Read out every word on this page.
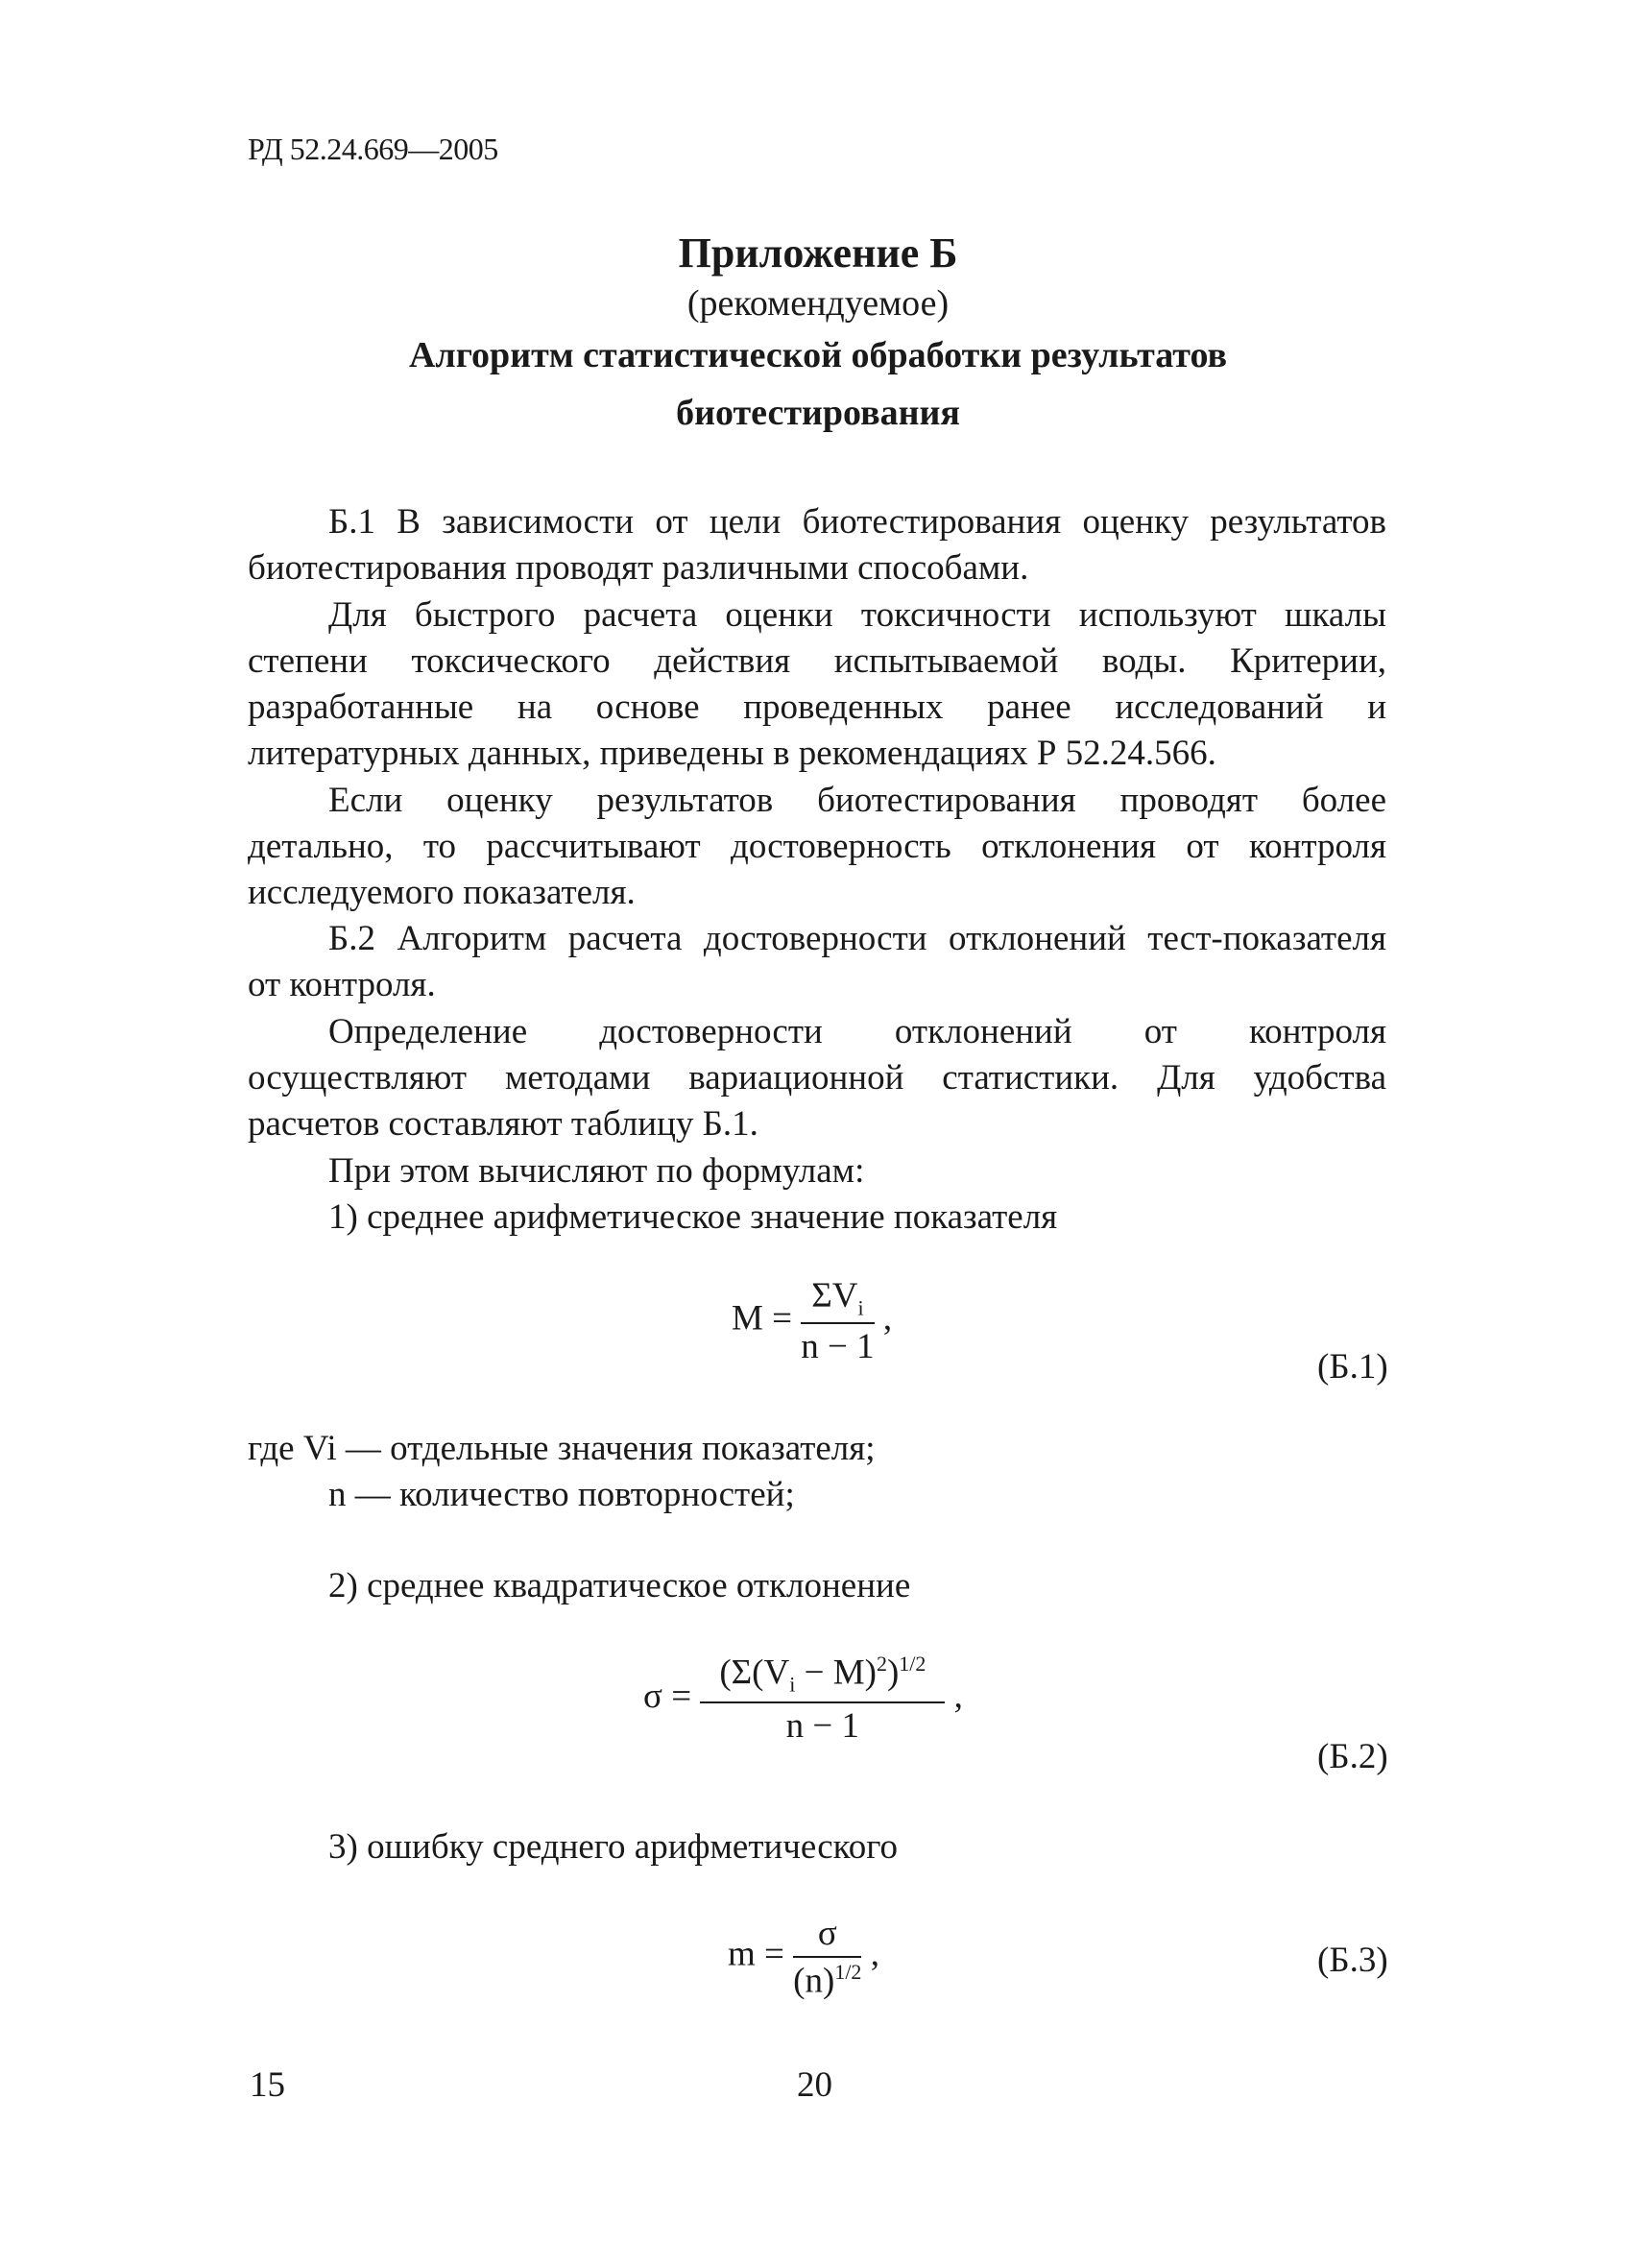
РД 52.24.669—2005
Приложение Б
(рекомендуемое)
Алгоритм статистической обработки результатов
биотестирования
Б.1 В зависимости от цели биотестирования оценку результатов
биотестирования проводят различными способами.
Для быстрого расчета оценки токсичности используют шкалы
степени токсического действия испытываемой воды. Критерии,
разработанные на основе проведенных ранее исследований и
литературных данных, приведены в рекомендациях Р 52.24.566.
Если оценку результатов биотестирования проводят более
детально, то рассчитывают достоверность отклонения от контроля
исследуемого показателя.
Б.2 Алгоритм расчета достоверности отклонений тест-показателя
от контроля.
Определение достоверности отклонений от контроля
осуществляют методами вариационной статистики. Для удобства
расчетов составляют таблицу Б.1.
При этом вычисляют по формулам:
1) среднее арифметическое значение показателя
$M = \frac{\Sigma V_i}{n - 1}$ ,
(Б.1)
где Vi — отдельные значения показателя;
n — количество повторностей;
2) среднее квадратическое отклонение
$\sigma = \frac{(\Sigma(V_i - M)^2)^{1/2}}{n - 1}$ ,
(Б.2)
3) ошибку среднего арифметического
$m = \frac{\sigma}{(n)^{1/2}}$ ,	(Б.3)
15	20
